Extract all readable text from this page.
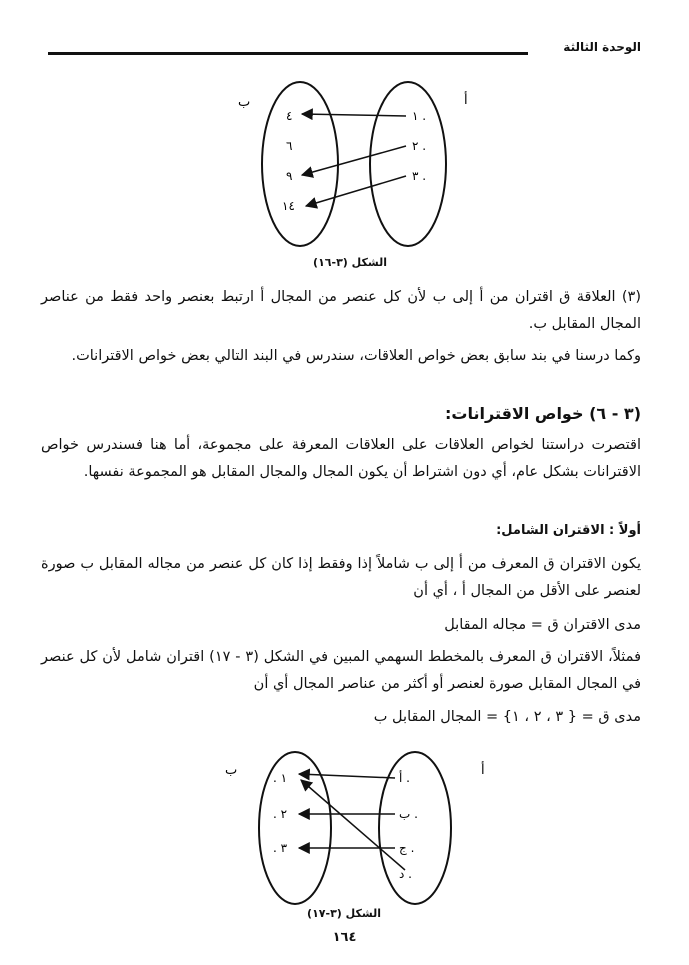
الوحدة الثالثة
ب	أ
١ .
٢ .
٣ .
٤
٦
٩
١٤
الشكل (٣-١٦)
(٣) العلاقة ق اقتران من أ إلى ب لأن كل عنصر من المجال أ ارتبط بعنصر واحد فقط من عناصر المجال المقابل ب.
وكما درسنا في بند سابق بعض خواص العلاقات، سندرس في البند التالي بعض خواص الاقترانات.
(٣ - ٦) خواص الاقترانات:
اقتصرت دراستنا لخواص العلاقات على العلاقات المعرفة على مجموعة، أما هنا فسندرس خواص الاقترانات بشكل عام، أي دون اشتراط أن يكون المجال والمجال المقابل هو المجموعة نفسها.
أولاً : الاقتران الشامل:
يكون الاقتران ق المعرف من أ إلى ب شاملاً إذا وفقط إذا كان كل عنصر من مجاله المقابل ب صورة لعنصر على الأقل من المجال أ ، أي أن
مدى الاقتران ق = مجاله المقابل
فمثلاً، الاقتران ق المعرف بالمخطط السهمي المبين في الشكل (٣ - ١٧) اقتران شامل لأن كل عنصر في المجال المقابل صورة لعنصر أو أكثر من عناصر المجال أي أن
مدى ق = { ٣ ، ٢ ، ١} = المجال المقابل ب
ب	أ
أ .
ب .
ج .
د .
. ١
. ٢
. ٣
الشكل (٣-١٧)
١٦٤
